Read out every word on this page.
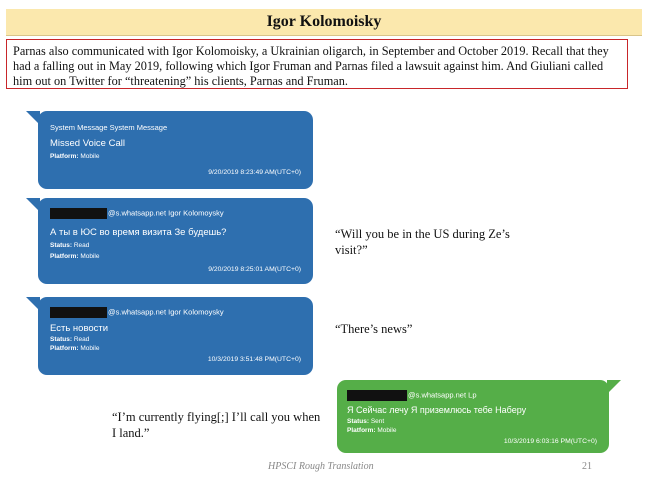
Igor Kolomoisky

Parnas also communicated with Igor Kolomoisky, a Ukrainian oligarch, in September and October 2019. Recall that they had a falling out in May 2019, following which Igor Fruman and Parnas filed a lawsuit against him. And Giuliani called him out on Twitter for “threatening” his clients, Parnas and Fruman.

System Message System Message
Missed Voice Call
Platform: Mobile
9/20/2019 8:23:49 AM(UTC+0)
@s.whatsapp.net Igor Kolomoysky
А ты в ЮС во время визита Зе будешь?
Status: Read
Platform: Mobile
9/20/2019 8:25:01 AM(UTC+0)
@s.whatsapp.net Igor Kolomoysky
Есть новости
Status: Read
Platform: Mobile
10/3/2019 3:51:48 PM(UTC+0)
@s.whatsapp.net Lp
Я Сейчас лечу Я приземлюсь тебе Наберу
Status: Sent
Platform: Mobile
10/3/2019 6:03:16 PM(UTC+0)
“Will you be in the US during Ze’s visit?”
“There’s news”
“I’m currently flying[;] I’ll call you when I land.”
HPSCI Rough Translation	21
